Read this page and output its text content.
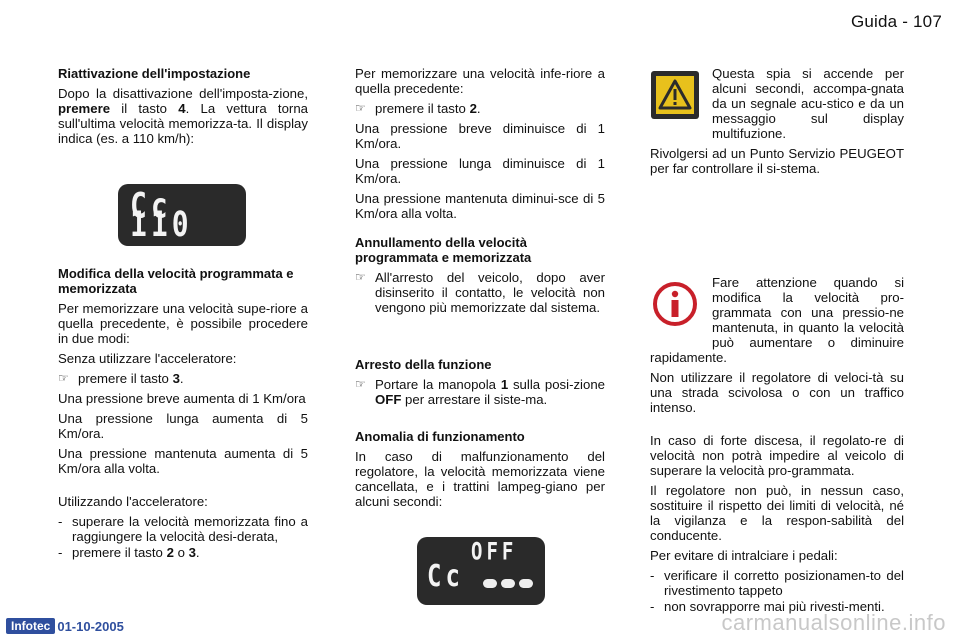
Guida - 107
Riattivazione dell'impostazione

Dopo la disattivazione dell'imposta-zione, premere il tasto 4. La vettura torna sull'ultima velocità memorizza-ta. Il display indica (es. a 110 km/h):

Cc 110
Modifica della velocità programmata e memorizzata

Per memorizzare una velocità supe-riore a quella precedente, è possibile procedere in due modi:

Senza utilizzare l'acceleratore:

☞ premere il tasto 3.

Una pressione breve aumenta di 1 Km/ora

Una pressione lunga aumenta di 5 Km/ora.

Una pressione mantenuta aumenta di 5 Km/ora alla volta.

Utilizzando l'acceleratore:

- superare la velocità memorizzata fino a raggiungere la velocità desi-derata,
- premere il tasto 2 o 3.

Per memorizzare una velocità infe-riore a quella precedente:

☞ premere il tasto 2.

Una pressione breve diminuisce di 1 Km/ora.

Una pressione lunga diminuisce di 1 Km/ora.

Una pressione mantenuta diminui-sce di 5 Km/ora alla volta.

Annullamento della velocità programmata e memorizzata
☞ All'arresto del veicolo, dopo aver disinserito il contatto, le velocità non vengono più memorizzate dal sistema.
Arresto della funzione
☞ Portare la manopola 1 sulla posi-zione OFF per arrestare il siste-ma.
Anomalia di funzionamento

In caso di malfunzionamento del regolatore, la velocità memorizzata viene cancellata, e i trattini lampeg-giano per alcuni secondi:

OFF
Cc

Questa spia si accende per alcuni secondi, accompa-gnata da un segnale acu-stico e da un messaggio sul display multifuzione.

Rivolgersi ad un Punto Servizio PEUGEOT per far controllare il si-stema.

Fare attenzione quando si modifica la velocità pro-grammata con una pressio-ne mantenuta, in quanto la velocità può aumentare o diminuire rapidamente.

Non utilizzare il regolatore di veloci-tà su una strada scivolosa o con un traffico intenso.

In caso di forte discesa, il regolato-re di velocità non potrà impedire al veicolo di superare la velocità pro-grammata.

Il regolatore non può, in nessun caso, sostituire il rispetto dei limiti di velocità, né la vigilanza e la respon-sabilità del conducente.

Per evitare di intralciare i pedali:

- verificare il corretto posizionamen-to del rivestimento tappeto
- non sovrapporre mai più rivesti-menti.
Infotec 01-10-2005	carmanualsonline.info
